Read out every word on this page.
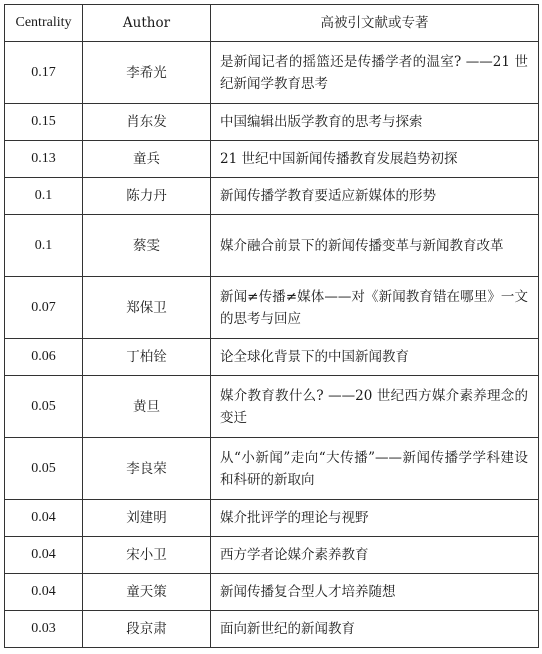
Centrality	Author	高被引文献或专著
0.17	李希光	是新闻记者的摇篮还是传播学者的温室? ——21 世纪新闻学教育思考
0.15	肖东发	中国编辑出版学教育的思考与探索
0.13	童兵	21 世纪中国新闻传播教育发展趋势初探
0.1	陈力丹	新闻传播学教育要适应新媒体的形势
0.1	蔡雯	媒介融合前景下的新闻传播变革与新闻教育改革
0.07	郑保卫	新闻≠传播≠媒体——对《新闻教育错在哪里》一文的思考与回应
0.06	丁柏铨	论全球化背景下的中国新闻教育
0.05	黄旦	媒介教育教什么? ——20 世纪西方媒介素养理念的变迁
0.05	李良荣	从“小新闻”走向“大传播”——新闻传播学学科建设和科研的新取向
0.04	刘建明	媒介批评学的理论与视野
0.04	宋小卫	西方学者论媒介素养教育
0.04	童天策	新闻传播复合型人才培养随想
0.03	段京肃	面向新世纪的新闻教育
